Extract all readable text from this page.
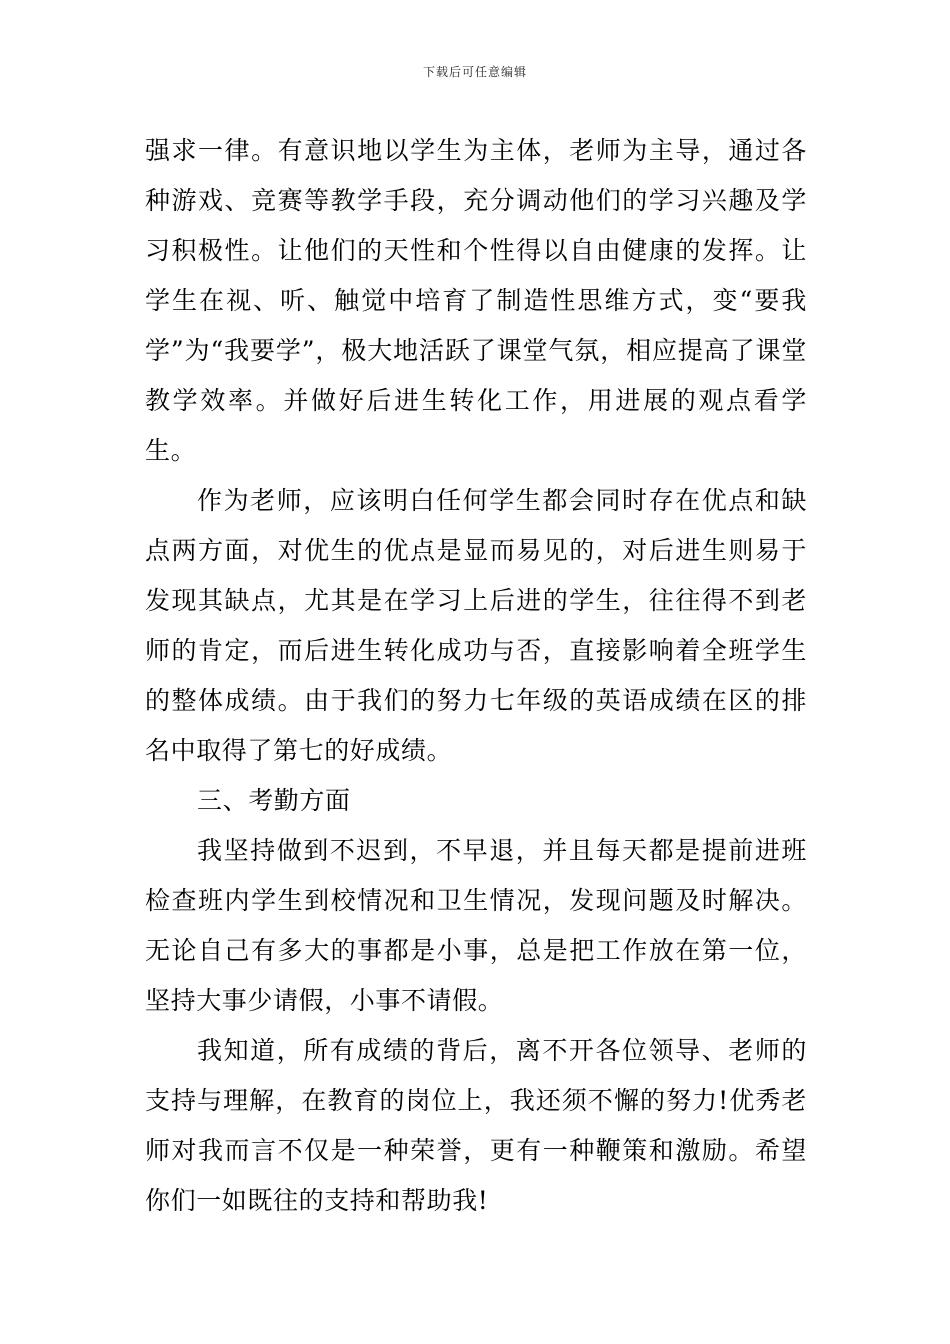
下载后可任意编辑

强求一律。有意识地以学生为主体，老师为主导，通过各种游戏、竞赛等教学手段，充分调动他们的学习兴趣及学习积极性。让他们的天性和个性得以自由健康的发挥。让学生在视、听、触觉中培育了制造性思维方式，变“要我学”为“我要学”，极大地活跃了课堂气氛，相应提高了课堂教学效率。并做好后进生转化工作，用进展的观点看学生。

作为老师，应该明白任何学生都会同时存在优点和缺点两方面，对优生的优点是显而易见的，对后进生则易于发现其缺点，尤其是在学习上后进的学生，往往得不到老师的肯定，而后进生转化成功与否，直接影响着全班学生的整体成绩。由于我们的努力七年级的英语成绩在区的排名中取得了第七的好成绩。

三、考勤方面

我坚持做到不迟到，不早退，并且每天都是提前进班检查班内学生到校情况和卫生情况，发现问题及时解决。无论自己有多大的事都是小事，总是把工作放在第一位，坚持大事少请假，小事不请假。

我知道，所有成绩的背后，离不开各位领导、老师的支持与理解，在教育的岗位上，我还须不懈的努力!优秀老师对我而言不仅是一种荣誉，更有一种鞭策和激励。希望你们一如既往的支持和帮助我!
